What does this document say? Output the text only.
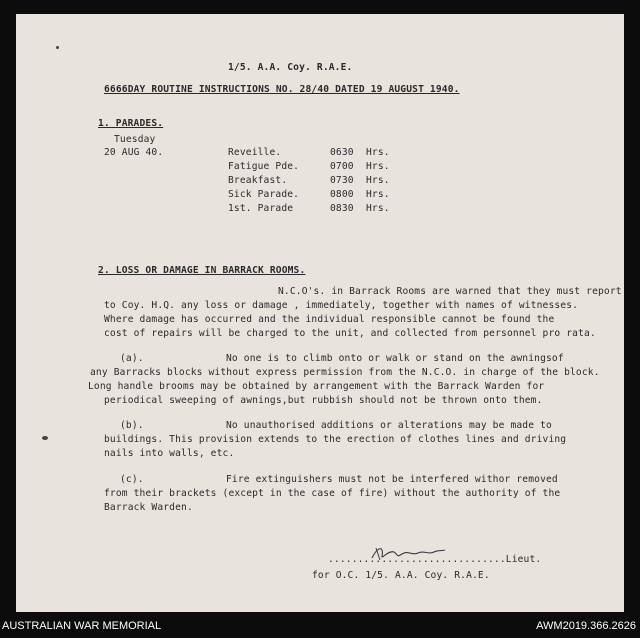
1/5. A.A. Coy. R.A.E.
6666DAY ROUTINE INSTRUCTIONS NO. 28/40 DATED 19 AUGUST 1940.
1. PARADES.
Tuesday
20 AUG 40.	Reveille.	0630 Hrs.
Fatigue Pde.	0700 Hrs.
Breakfast.	0730 Hrs.
Sick Parade.	0800 Hrs.
1st. Parade	0830 Hrs.
2. LOSS OR DAMAGE IN BARRACK ROOMS.
N.C.O's. in Barrack Rooms are warned that they must report
to Coy. H.Q. any loss or damage , immediately, together with names of witnesses.
Where damage has occurred and the individual responsible cannot be found the
cost of repairs will be charged to the unit, and collected from personnel pro rata.
(a).	No one is to climb onto or walk or stand on the awningsof
any Barracks blocks without express permission from the N.C.O. in charge of the block.
Long handle brooms may be obtained by arrangement with the Barrack Warden for
periodical sweeping of awnings,but rubbish should not be thrown onto them.
(b).	No unauthorised additions or alterations may be made to
buildings. This provision extends to the erection of clothes lines and driving
nails into walls, etc.
(c).	Fire extinguishers must not be interfered withor removed
from their brackets (except in the case of fire) without the authority of the
Barrack Warden.
..............................Lieut.
for O.C. 1/5. A.A. Coy. R.A.E.
AUSTRALIAN WAR MEMORIAL	AWM2019.366.2626
